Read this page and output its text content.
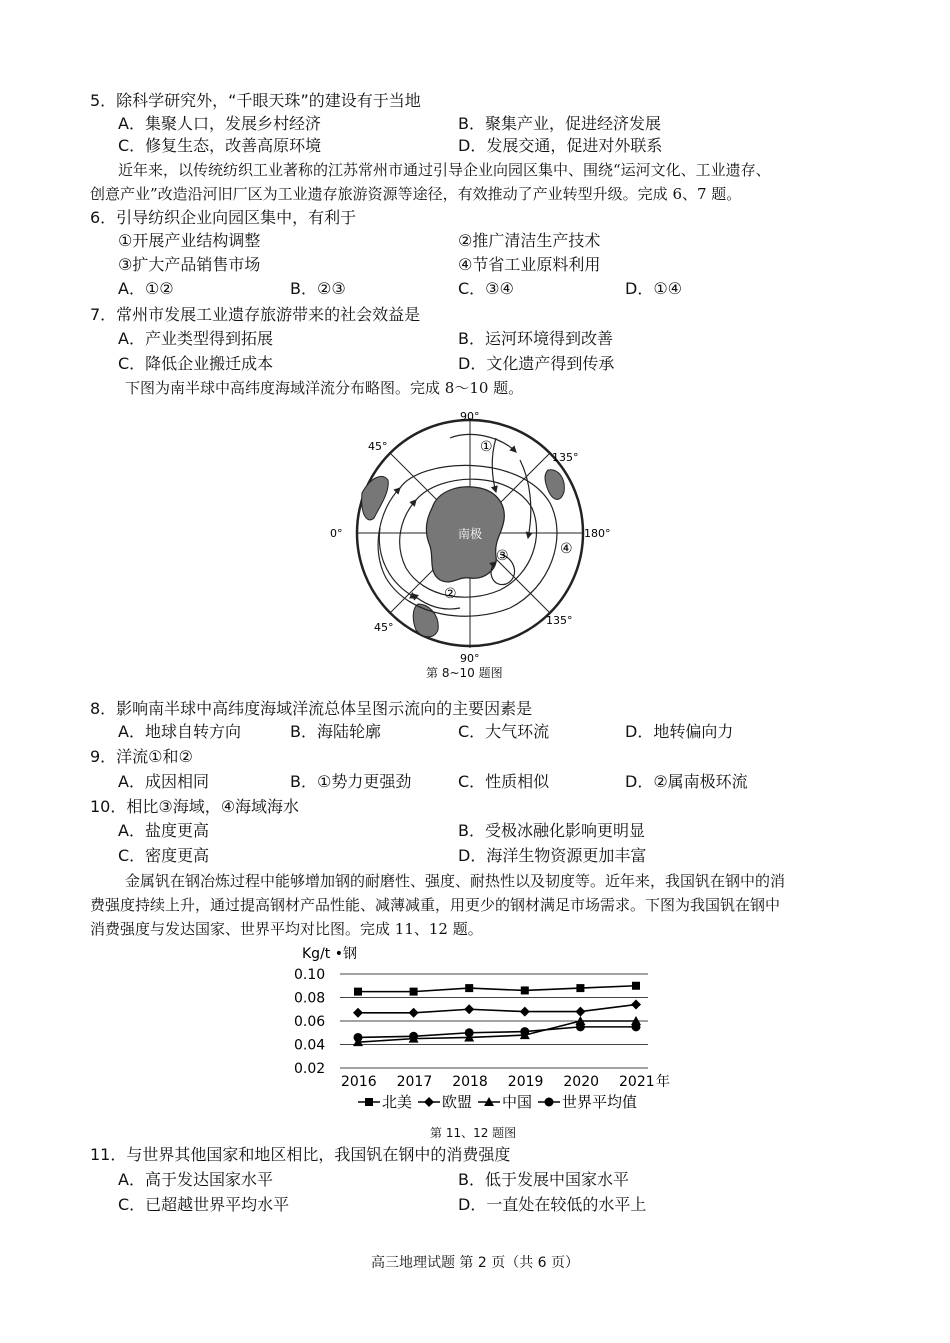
5．除科学研究外，“千眼天珠”的建设有于当地
A．集聚人口，发展乡村经济	B．聚集产业，促进经济发展
C．修复生态，改善高原环境	D．发展交通，促进对外联系
近年来，以传统纺织工业著称的江苏常州市通过引导企业向园区集中、围绕“运河文化、工业遗存、
创意产业”改造沿河旧厂区为工业遗存旅游资源等途径，有效推动了产业转型升级。完成 6、7 题。
6．引导纺织企业向园区集中，有利于
①开展产业结构调整	②推广清洁生产技术
③扩大产品销售市场	④节省工业原料利用
A．①②	B．②③	C．③④	D．①④
7．常州市发展工业遗存旅游带来的社会效益是
A．产业类型得到拓展	B．运河环境得到改善
C．降低企业搬迁成本	D．文化遗产得到传承
下图为南半球中高纬度海域洋流分布略图。完成 8～10 题。
90°
90°
0°	180°
45°
45°
135°
135°
南极
①
②
③	④
第 8~10 题图
8．影响南半球中高纬度海域洋流总体呈图示流向的主要因素是
A．地球自转方向	B．海陆轮廓	C．大气环流	D．地转偏向力
9．洋流①和②
A．成因相同	B．①势力更强劲	C．性质相似	D．②属南极环流
10．相比③海域，④海域海水
A．盐度更高	B．受极冰融化影响更明显
C．密度更高	D．海洋生物资源更加丰富
金属钒在钢冶炼过程中能够增加钢的耐磨性、强度、耐热性以及韧度等。近年来，我国钒在钢中的消
费强度持续上升，通过提高钢材产品性能、减薄减重，用更少的钢材满足市场需求。下图为我国钒在钢中
消费强度与发达国家、世界平均对比图。完成 11、12 题。
Kg/t •钢
0.10
0.08
0.06
0.04
0.02
2016 2017 2018 2019 2020 2021 年
北美 欧盟 中国 世界平均值
第 11、12 题图
11．与世界其他国家和地区相比，我国钒在钢中的消费强度
A．高于发达国家水平	B．低于发展中国家水平
C．已超越世界平均水平	D．一直处在较低的水平上
高三地理试题 第 2 页（共 6 页）
